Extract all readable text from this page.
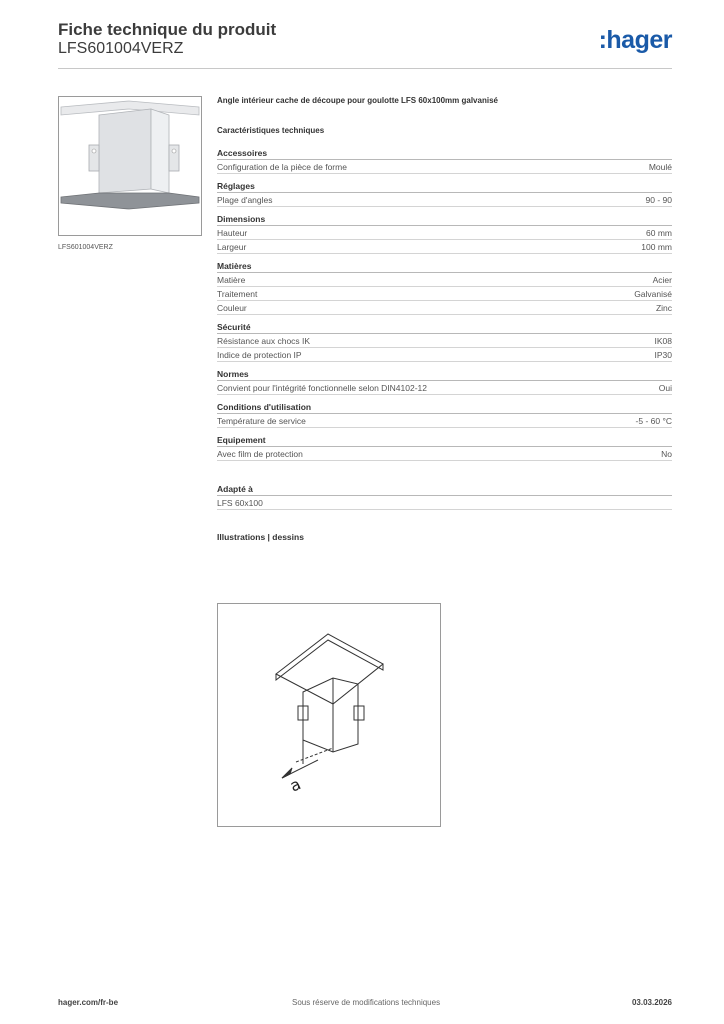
Fiche technique du produit
LFS601004VERZ	:hager
LFS601004VERZ
Angle intérieur cache de découpe pour goulotte LFS 60x100mm galvanisé
Caractéristiques techniques
Accessoires
Configuration de la pièce de forme	Moulé
Réglages
Plage d'angles	90 - 90
Dimensions
Hauteur	60 mm
Largeur	100 mm
Matières
Matière	Acier
Traitement	Galvanisé
Couleur	Zinc
Sécurité
Résistance aux chocs IK	IK08
Indice de protection IP	IP30
Normes
Convient pour l'intégrité fonctionnelle selon DIN4102-12	Oui
Conditions d'utilisation
Température de service	-5 - 60 °C
Equipement
Avec film de protection	No
Adapté à
LFS 60x100
Illustrations | dessins
a
hager.com/fr-be	Sous réserve de modifications techniques	03.03.2026
